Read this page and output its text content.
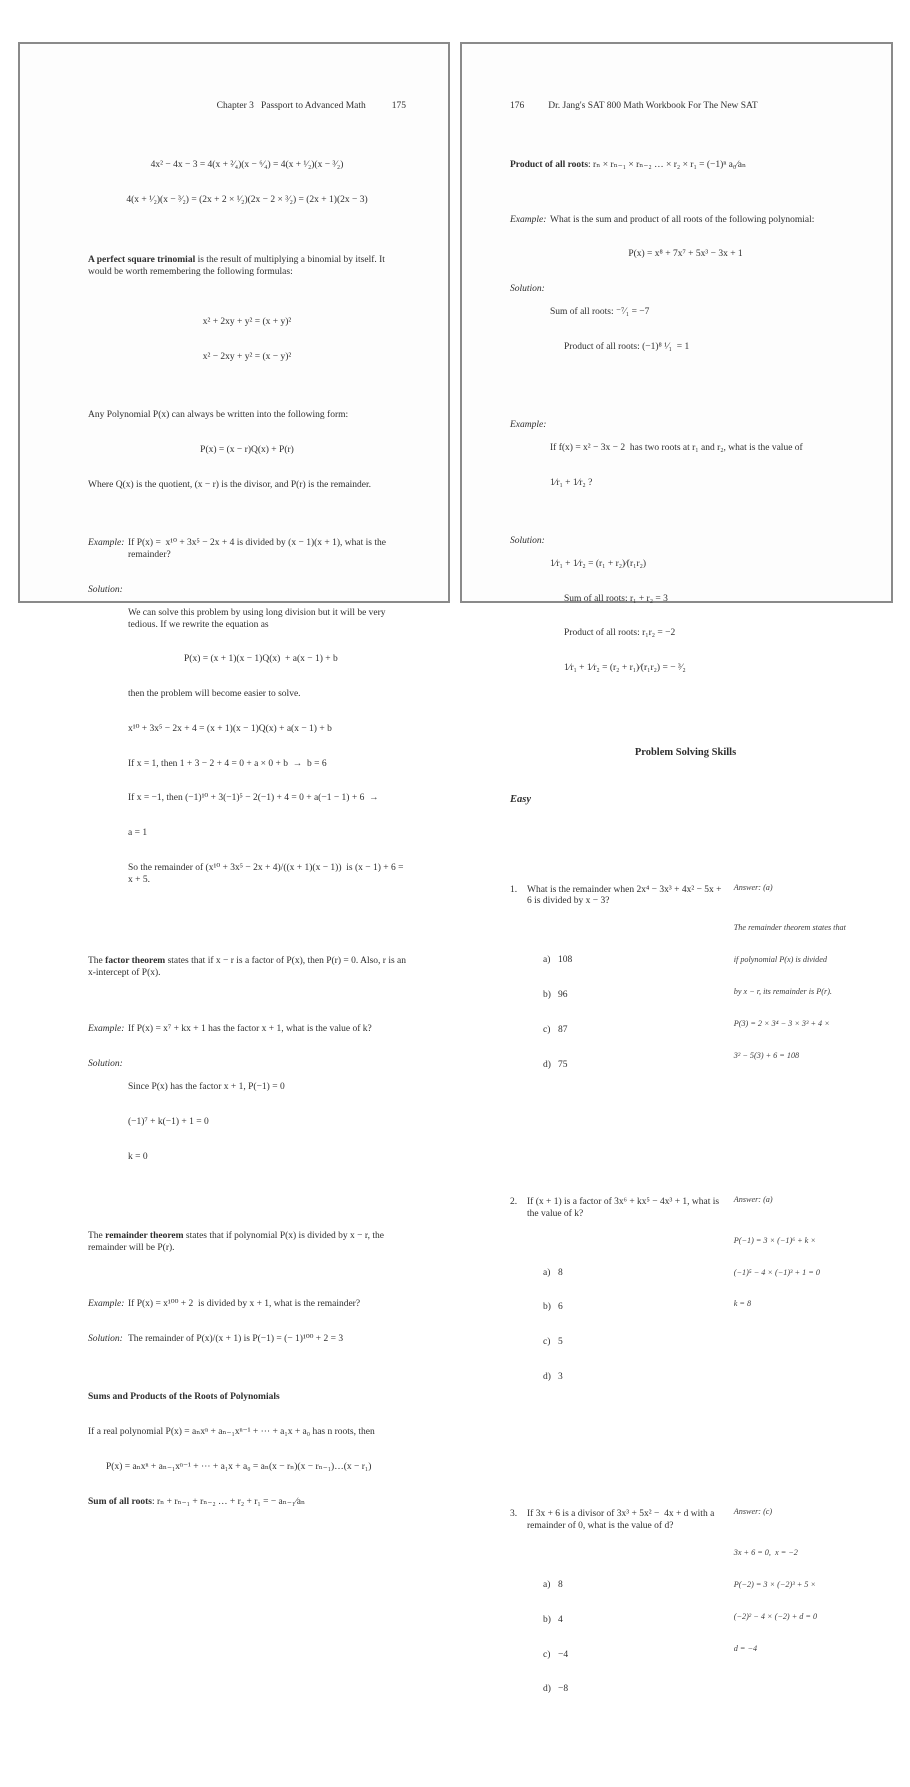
Chapter 3   Passport to Advanced Math	175

4x² − 4x − 3 = 4(x + ²⁄₄)(x − ⁶⁄₄) = 4(x + ¹⁄₂)(x − ³⁄₂)

4(x + ¹⁄₂)(x − ³⁄₂) = (2x + 2 × ¹⁄₂)(2x − 2 × ³⁄₂) = (2x + 1)(2x − 3)

A perfect square trinomial is the result of multiplying a binomial by itself. It would be worth remembering the following formulas:

x² + 2xy + y² = (x + y)²

x² − 2xy + y² = (x − y)²

Any Polynomial P(x) can always be written into the following form:

P(x) = (x − r)Q(x) + P(r)

Where Q(x) is the quotient, (x − r) is the divisor, and P(r) is the remainder.

Example: If P(x) =  x¹⁰ + 3x⁵ − 2x + 4 is divided by (x − 1)(x + 1), what is the remainder?

Solution:

We can solve this problem by using long division but it will be very tedious. If we rewrite the equation as

P(x) = (x + 1)(x − 1)Q(x)  + a(x − 1) + b

then the problem will become easier to solve.

x¹⁰ + 3x⁵ − 2x + 4 = (x + 1)(x − 1)Q(x) + a(x − 1) + b

If x = 1, then 1 + 3 − 2 + 4 = 0 + a × 0 + b  →  b = 6

If x = −1, then (−1)¹⁰ + 3(−1)⁵ − 2(−1) + 4 = 0 + a(−1 − 1) + 6  →

a = 1

So the remainder of (x¹⁰ + 3x⁵ − 2x + 4)/((x + 1)(x − 1))  is (x − 1) + 6 = x + 5.

The factor theorem states that if x − r is a factor of P(x), then P(r) = 0. Also, r is an x-intercept of P(x).

Example: If P(x) = x⁷ + kx + 1 has the factor x + 1, what is the value of k?

Solution:

Since P(x) has the factor x + 1, P(−1) = 0

(−1)⁷ + k(−1) + 1 = 0

k = 0

The remainder theorem states that if polynomial P(x) is divided by x − r, the remainder will be P(r).

Example: If P(x) = x¹⁰⁰ + 2  is divided by x + 1, what is the remainder?

Solution: The remainder of P(x)/(x + 1) is P(−1) = (− 1)¹⁰⁰ + 2 = 3

Sums and Products of the Roots of Polynomials

If a real polynomial P(x) = aₙxⁿ + aₙ₋₁xⁿ⁻¹ + ⋯ + a₁x + a₀ has n roots, then

P(x) = aₙxⁿ + aₙ₋₁xⁿ⁻¹ + ⋯ + a₁x + a₀ = aₙ(x − rₙ)(x − rₙ₋₁)…(x − r₁)

Sum of all roots: rₙ + rₙ₋₁ + rₙ₋₂ … + r₂ + r₁ = − aₙ₋₁⁄aₙ

176	Dr. Jang's SAT 800 Math Workbook For The New SAT

Product of all roots: rₙ × rₙ₋₁ × rₙ₋₂ … × r₂ × r₁ = (−1)ⁿ a₀⁄aₙ

Example: What is the sum and product of all roots of the following polynomial:

P(x) = x⁸ + 7x⁷ + 5x³ − 3x + 1

Solution:

Sum of all roots: ⁻⁷⁄₁ = −7

Product of all roots: (−1)⁸ ¹⁄₁  = 1

Example:

If f(x) = x² − 3x − 2  has two roots at r₁ and r₂, what is the value of

1⁄r₁ + 1⁄r₂ ?

Solution:

1⁄r₁ + 1⁄r₂ = (r₁ + r₂)⁄(r₁r₂)

Sum of all roots: r₁ + r₂ = 3

Product of all roots: r₁r₂ = −2

1⁄r₁ + 1⁄r₂ = (r₂ + r₁)⁄(r₁r₂) = − ³⁄₂

Problem Solving Skills

Easy

1.	What is the remainder when 2x⁴ − 3x³ + 4x² − 5x + 6 is divided by x − 3?

a) 108

b) 96

c) 87

d) 75

Answer: (a)

The remainder theorem states that

if polynomial P(x) is divided

by x − r, its remainder is P(r).

P(3) = 2 × 3⁴ − 3 × 3³ + 4 ×

3² − 5(3) + 6 = 108

2.	If (x + 1) is a factor of 3x⁶ + kx⁵ − 4x³ + 1, what is the value of k?

a) 8

b) 6

c) 5

d) 3

Answer: (a)

P(−1) = 3 × (−1)⁶ + k ×

(−1)⁵ − 4 × (−1)³ + 1 = 0

k = 8

3.	If 3x + 6 is a divisor of 3x³ + 5x² −  4x + d with a remainder of 0, what is the value of d?

a) 8

b) 4

c) −4

d) −8

Answer: (c)

3x + 6 = 0,  x = −2

P(−2) = 3 × (−2)³ + 5 ×

(−2)² − 4 × (−2) + d = 0

d = −4
